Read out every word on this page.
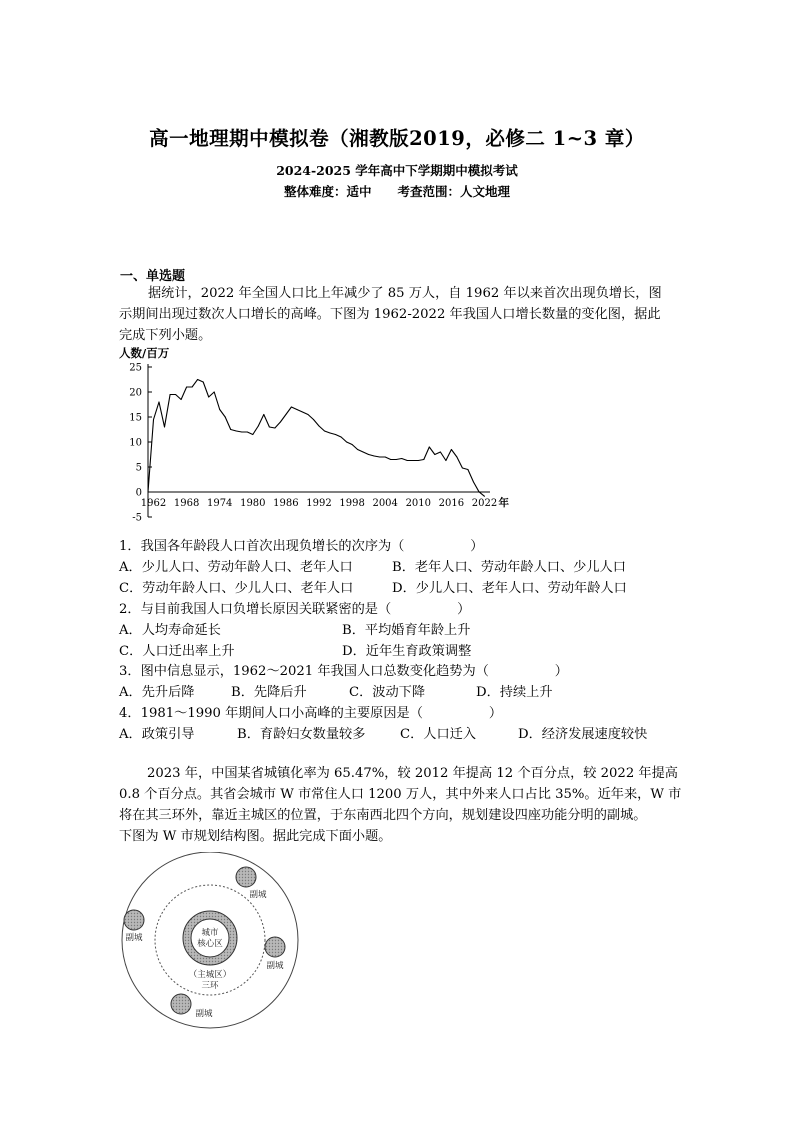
高一地理期中模拟卷（湘教版2019，必修二 1~3 章）
2024-2025 学年高中下学期期中模拟考试
整体难度：适中 考查范围：人文地理
一、单选题
据统计，2022 年全国人口比上年减少了 85 万人，自 1962 年以来首次出现负增长，图
示期间出现过数次人口增长的高峰。下图为 1962-2022 年我国人口增长数量的变化图，据此
完成下列小题。
人数/百万
25
20
15
10
5
0
-5
1962 1968 1974 1980 1986 1992 1998 2004 2010 2016 2022 年
1．我国各年龄段人口首次出现负增长的次序为（　　　　　）
A．少儿人口、劳动年龄人口、老年人口	B．老年人口、劳动年龄人口、少儿人口
C．劳动年龄人口、少儿人口、老年人口	D．少儿人口、老年人口、劳动年龄人口
2．与目前我国人口负增长原因关联紧密的是（　　　　　）
A．人均寿命延长	B．平均婚育年龄上升
C．人口迁出率上升	D．近年生育政策调整
3．图中信息显示，1962～2021 年我国人口总数变化趋势为（　　　　　）
A．先升后降	B．先降后升	C．波动下降	D．持续上升
4．1981～1990 年期间人口小高峰的主要原因是（　　　　　）
A．政策引导	B．育龄妇女数量较多	C．人口迁入	D．经济发展速度较快
2023 年，中国某省城镇化率为 65.47%，较 2012 年提高 12 个百分点，较 2022 年提高
0.8 个百分点。其省会城市 W 市常住人口 1200 万人，其中外来人口占比 35%。近年来，W 市
将在其三环外，靠近主城区的位置，于东南西北四个方向，规划建设四座功能分明的副城。
下图为 W 市规划结构图。据此完成下面小题。
城市
核心区
（主城区）
三环
副城
副城
副城
副城
